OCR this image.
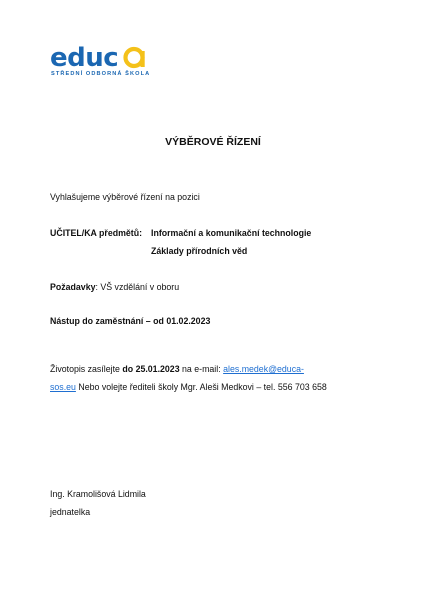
educ
STŘEDNÍ ODBORNÁ ŠKOLA
VÝBĚROVÉ ŘÍZENÍ
Vyhlašujeme výběrové řízení na pozici
UČITEL/KA předmětů: Informační a komunikační technologie
Základy přírodních věd
Požadavky: VŠ vzdělání v oboru
Nástup do zaměstnání – od 01.02.2023
Životopis zasílejte do 25.01.2023 na e-mail: ales.medek@educa-
sos.eu Nebo volejte řediteli školy Mgr. Aleši Medkovi – tel. 556 703 658
Ing. Kramolišová Lidmila
jednatelka
